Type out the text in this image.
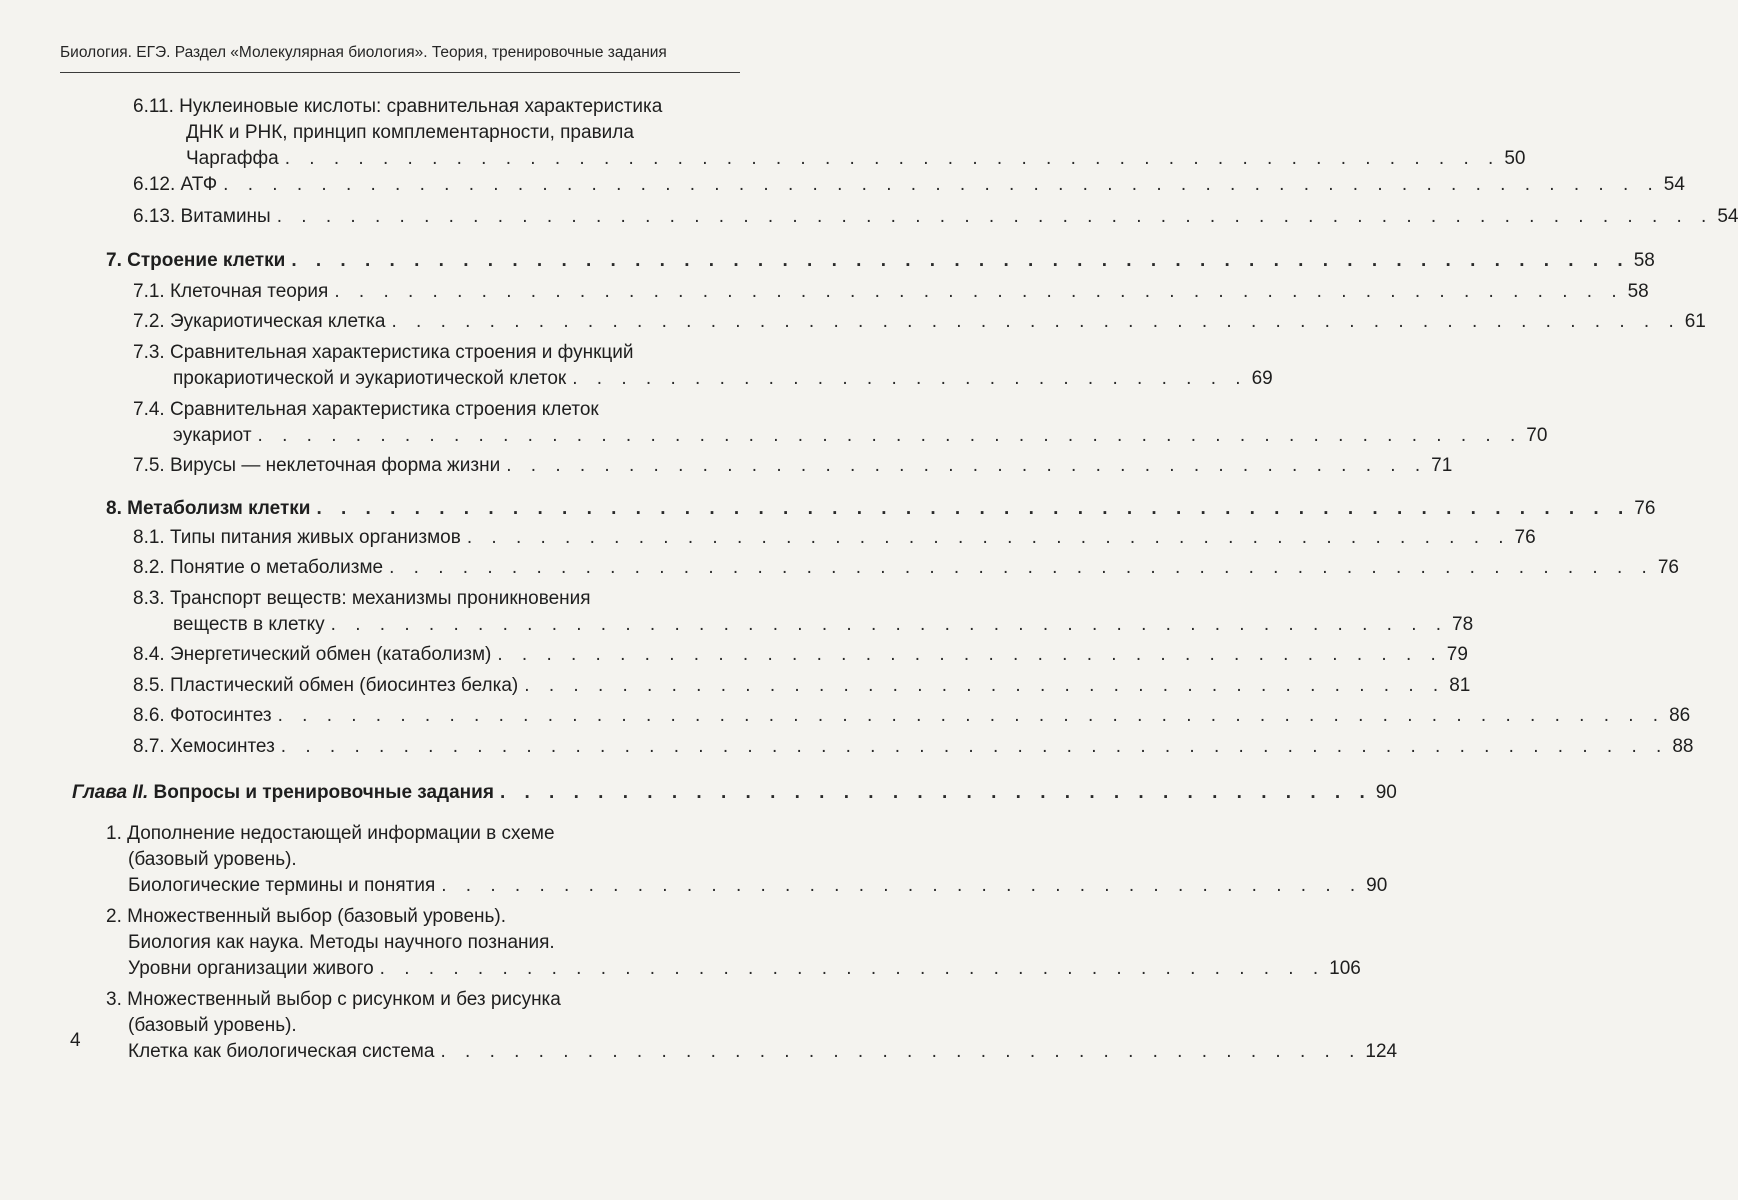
Биология. ЕГЭ. Раздел «Молекулярная биология». Теория, тренировочные задания
6.11. Нуклеиновые кислоты: сравнительная характеристика
ДНК и РНК, принцип комплементарности, правила
Чаргаффа . . . . . . . . . . . . . . . . . . . . . . . . . . . . . . . . . . . . . . . . . . . . . . . . . . 50
6.12. АТФ . . . . . . . . . . . . . . . . . . . . . . . . . . . . . . . . . . . . . . . . . . . . . . . . . . . . . . . . . . . 54
6.13. Витамины . . . . . . . . . . . . . . . . . . . . . . . . . . . . . . . . . . . . . . . . . . . . . . . . . . . . . . . . . . . 54
7. Строение клетки . . . . . . . . . . . . . . . . . . . . . . . . . . . . . . . . . . . . . . . . . . . . . . . . . . . . . . . 58
7.1. Клеточная теория . . . . . . . . . . . . . . . . . . . . . . . . . . . . . . . . . . . . . . . . . . . . . . . . . . . . . 58
7.2. Эукариотическая клетка . . . . . . . . . . . . . . . . . . . . . . . . . . . . . . . . . . . . . . . . . . . . . . . . . . . . . 61
7.3. Сравнительная характеристика строения и функций
прокариотической и эукариотической клеток . . . . . . . . . . . . . . . . . . . . . . . . . . . . 69
7.4. Сравнительная характеристика строения клеток
эукариот . . . . . . . . . . . . . . . . . . . . . . . . . . . . . . . . . . . . . . . . . . . . . . . . . . . . 70
7.5. Вирусы — неклеточная форма жизни . . . . . . . . . . . . . . . . . . . . . . . . . . . . . . . . . . . . . . 71
8. Метаболизм клетки . . . . . . . . . . . . . . . . . . . . . . . . . . . . . . . . . . . . . . . . . . . . . . . . . . . . . . 76
8.1. Типы питания живых организмов . . . . . . . . . . . . . . . . . . . . . . . . . . . . . . . . . . . . . . . . . . . 76
8.2. Понятие о метаболизме . . . . . . . . . . . . . . . . . . . . . . . . . . . . . . . . . . . . . . . . . . . . . . . . . . . . 76
8.3. Транспорт веществ: механизмы проникновения
веществ в клетку . . . . . . . . . . . . . . . . . . . . . . . . . . . . . . . . . . . . . . . . . . . . . . 78
8.4. Энергетический обмен (катаболизм) . . . . . . . . . . . . . . . . . . . . . . . . . . . . . . . . . . . . . . . 79
8.5. Пластический обмен (биосинтез белка) . . . . . . . . . . . . . . . . . . . . . . . . . . . . . . . . . . . . . . 81
8.6. Фотосинтез . . . . . . . . . . . . . . . . . . . . . . . . . . . . . . . . . . . . . . . . . . . . . . . . . . . . . . . . . 86
8.7. Хемосинтез . . . . . . . . . . . . . . . . . . . . . . . . . . . . . . . . . . . . . . . . . . . . . . . . . . . . . . . . . 88
Глава II. Вопросы и тренировочные задания . . . . . . . . . . . . . . . . . . . . . . . . . . . . . . . . . . . . 90
1. Дополнение недостающей информации в схеме
(базовый уровень).
Биологические термины и понятия . . . . . . . . . . . . . . . . . . . . . . . . . . . . . . . . . . . . . . 90
2. Множественный выбор (базовый уровень).
Биология как наука. Методы научного познания.
Уровни организации живого . . . . . . . . . . . . . . . . . . . . . . . . . . . . . . . . . . . . . . . 106
3. Множественный выбор с рисунком и без рисунка
(базовый уровень).
Клетка как биологическая система . . . . . . . . . . . . . . . . . . . . . . . . . . . . . . . . . . . . . . 124
4
